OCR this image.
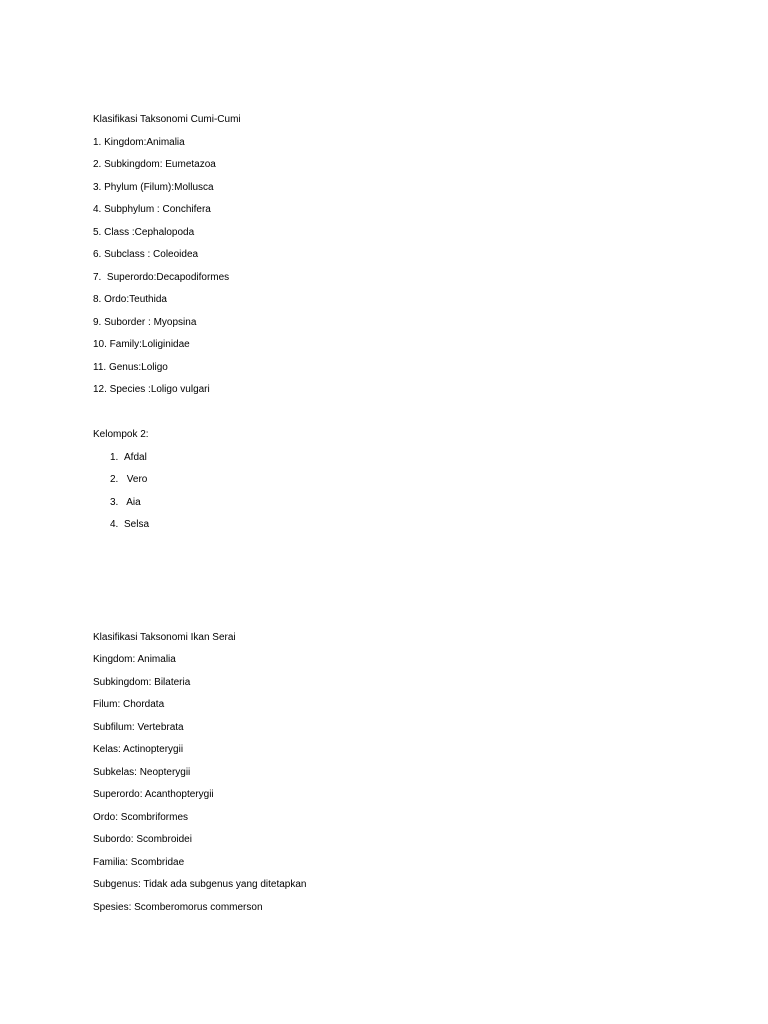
Klasifikasi Taksonomi Cumi-Cumi
1. Kingdom:Animalia
2. Subkingdom: Eumetazoa
3. Phylum (Filum):Mollusca
4. Subphylum : Conchifera
5. Class :Cephalopoda
6. Subclass : Coleoidea
7.  Superordo:Decapodiformes
8. Ordo:Teuthida
9. Suborder : Myopsina
10. Family:Loliginidae
11. Genus:Loligo
12. Species :Loligo vulgari
Kelompok 2:
1. Afdal
2. Vero
3. Aia
4. Selsa
Klasifikasi Taksonomi Ikan Serai
Kingdom: Animalia
Subkingdom: Bilateria
Filum: Chordata
Subfilum: Vertebrata
Kelas: Actinopterygii
Subkelas: Neopterygii
Superordo: Acanthopterygii
Ordo: Scombriformes
Subordo: Scombroidei
Familia: Scombridae
Subgenus: Tidak ada subgenus yang ditetapkan
Spesies: Scomberomorus commerson
